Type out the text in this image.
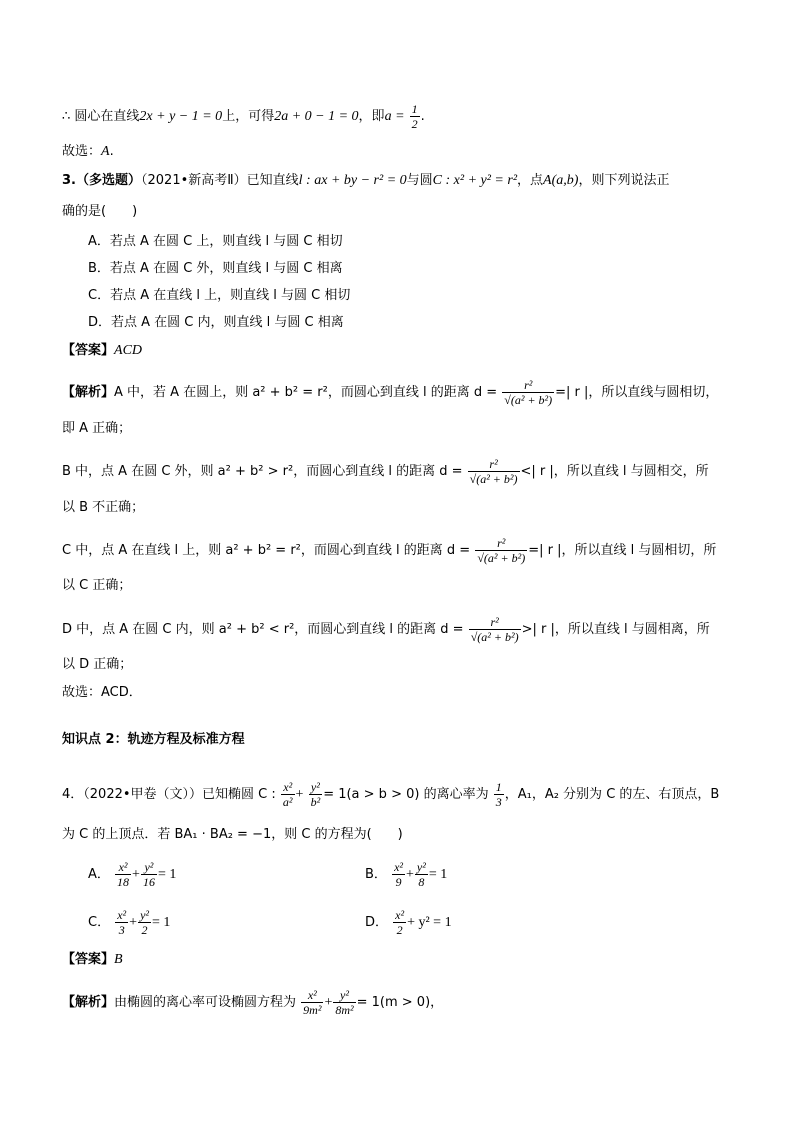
∴ 圆心在直线2x + y − 1 = 0上，可得2a + 0 − 1 = 0，即$a = \frac{1}{2}$ .
故选：A.
3.（多选题）（2021•新高考Ⅱ）已知直线l : ax + by − r² = 0与圆C : x² + y² = r²，点A(a,b)，则下列说法正
确的是(　　)
A．若点 A 在圆 C 上，则直线 l 与圆 C 相切
B．若点 A 在圆 C 外，则直线 l 与圆 C 相离
C．若点 A 在直线 l 上，则直线 l 与圆 C 相切
D．若点 A 在圆 C 内，则直线 l 与圆 C 相离
【答案】ACD
【解析】A 中，若 A 在圆上，则 a² + b² = r²，而圆心到直线 l 的距离 $d = \frac{\text{r²}}{\text{√(a² + b²)}}$ =| r |，所以直线与圆相切，
即 A 正确；
B 中，点 A 在圆 C 外，则 a² + b² > r²，而圆心到直线 l 的距离 $d = \frac{\text{r²}}{\text{√(a² + b²)}}$ <| r |，所以直线 l 与圆相交，所
以 B 不正确；
C 中，点 A 在直线 l 上，则 a² + b² = r²，而圆心到直线 l 的距离 $d = \frac{\text{r²}}{\text{√(a² + b²)}}$ =| r |，所以直线 l 与圆相切，所
以 C 正确；
D 中，点 A 在圆 C 内，则 a² + b² < r²，而圆心到直线 l 的距离 $d = \frac{\text{r²}}{\text{√(a² + b²)}}$ >| r |，所以直线 l 与圆相离，所
以 D 正确；
故选：ACD．
知识点 2：轨迹方程及标准方程
4．（2022•甲卷（文））已知椭圆 C : $\frac{\text{x²}}{\text{a²}} + \frac{\text{y²}}{\text{b²}} = 1(a > b > 0)$ 的离心率为 $\frac{1}{3}$ ，A₁，A₂ 分别为 C 的左、右顶点，B
为 C 的上顶点．若 BA₁ · BA₂ = −1，则 C 的方程为(　　)
A． $\frac{\text{x²}}{18} + \frac{\text{y²}}{16} = 1$	B． $\frac{\text{x²}}{9} + \frac{\text{y²}}{8} = 1$
C． $\frac{\text{x²}}{3} + \frac{\text{y²}}{2} = 1$	D． $\frac{\text{x²}}{2} + y^2 = 1$
【答案】B
【解析】由椭圆的离心率可设椭圆方程为 $\frac{\text{x²}}{\text{9m²}} + \frac{\text{y²}}{\text{8m²}} = 1(m > 0)$，
